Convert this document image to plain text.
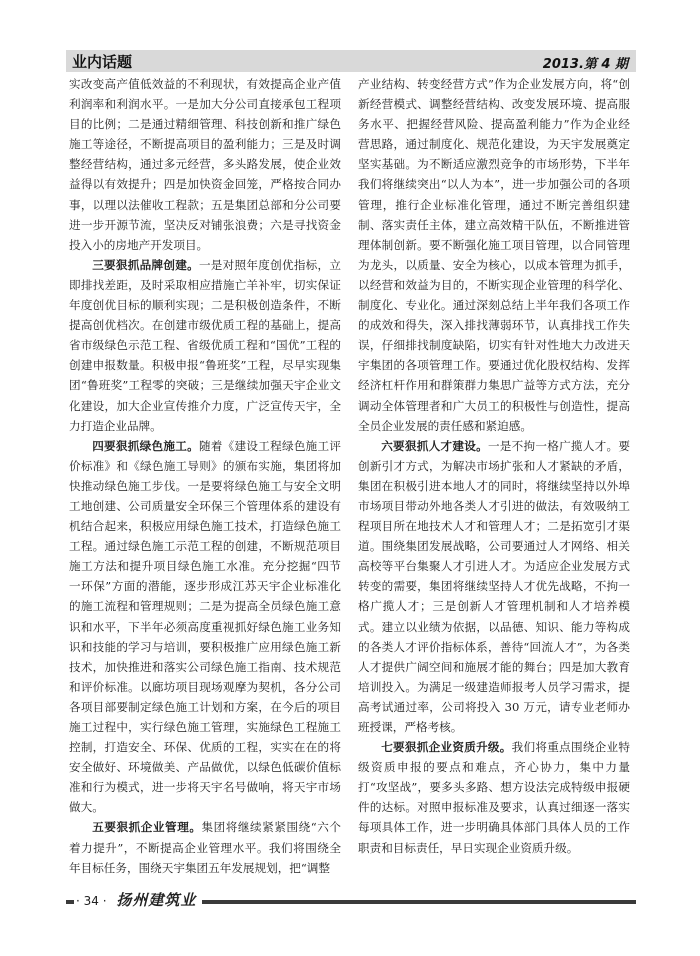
业内话题	2013.第 4 期

实改变高产值低效益的不利现状，有效提高企业产值利润率和利润水平。一是加大分公司直接承包工程项目的比例；二是通过精细管理、科技创新和推广绿色施工等途径，不断提高项目的盈利能力；三是及时调整经营结构，通过多元经营，多头路发展，使企业效益得以有效提升；四是加快资金回笼，严格按合同办事，以理以法催收工程款；五是集团总部和分公司要进一步开源节流，坚决反对铺张浪费；六是寻找资金投入小的房地产开发项目。

三要狠抓品牌创建。一是对照年度创优指标，立即排找差距，及时采取相应措施亡羊补牢，切实保证年度创优目标的顺利实现；二是积极创造条件，不断提高创优档次。在创建市级优质工程的基础上，提高省市级绿色示范工程、省级优质工程和“国优”工程的创建申报数量。积极申报“鲁班奖”工程，尽早实现集团“鲁班奖”工程零的突破；三是继续加强天宇企业文化建设，加大企业宣传推介力度，广泛宣传天宇，全力打造企业品牌。

四要狠抓绿色施工。随着《建设工程绿色施工评价标准》和《绿色施工导则》的颁布实施，集团将加快推动绿色施工步伐。一是要将绿色施工与安全文明工地创建、公司质量安全环保三个管理体系的建设有机结合起来，积极应用绿色施工技术，打造绿色施工工程。通过绿色施工示范工程的创建，不断规范项目施工方法和提升项目绿色施工水准。充分挖掘“四节一环保”方面的潜能，逐步形成江苏天宇企业标准化的施工流程和管理规则；二是为提高全员绿色施工意识和水平，下半年必须高度重视抓好绿色施工业务知识和技能的学习与培训，要积极推广应用绿色施工新技术，加快推进和落实公司绿色施工指南、技术规范和评价标准。以廊坊项目现场观摩为契机，各分公司各项目部要制定绿色施工计划和方案，在今后的项目施工过程中，实行绿色施工管理，实施绿色工程施工控制，打造安全、环保、优质的工程，实实在在的将安全做好、环境做美、产品做优，以绿色低碳价值标准和行为模式，进一步将天宇名号做响，将天宇市场做大。

五要狠抓企业管理。集团将继续紧紧围绕“六个着力提升”，不断提高企业管理水平。我们将围绕全年目标任务，围绕天宇集团五年发展规划，把“调整

产业结构、转变经营方式”作为企业发展方向，将“创新经营模式、调整经营结构、改变发展环境、提高服务水平、把握经营风险、提高盈利能力”作为企业经营思路，通过制度化、规范化建设，为天宇发展奠定坚实基础。为不断适应激烈竞争的市场形势，下半年我们将继续突出“以人为本”，进一步加强公司的各项管理，推行企业标准化管理，通过不断完善组织建制、落实责任主体，建立高效精干队伍，不断推进管理体制创新。要不断强化施工项目管理，以合同管理为龙头，以质量、安全为核心，以成本管理为抓手，以经营和效益为目的，不断实现企业管理的科学化、制度化、专业化。通过深刻总结上半年我们各项工作的成效和得失，深入排找薄弱环节，认真排找工作失误，仔细排找制度缺陷，切实有针对性地大力改进天宇集团的各项管理工作。要通过优化股权结构、发挥经济杠杆作用和群策群力集思广益等方式方法，充分调动全体管理者和广大员工的积极性与创造性，提高全员企业发展的责任感和紧迫感。

六要狠抓人才建设。一是不拘一格广揽人才。要创新引才方式，为解决市场扩张和人才紧缺的矛盾，集团在积极引进本地人才的同时，将继续坚持以外埠市场项目带动外地各类人才引进的做法，有效吸纳工程项目所在地技术人才和管理人才；二是拓宽引才渠道。围绕集团发展战略，公司要通过人才网络、相关高校等平台集聚人才引进人才。为适应企业发展方式转变的需要，集团将继续坚持人才优先战略，不拘一格广揽人才；三是创新人才管理机制和人才培养模式。建立以业绩为依据，以品德、知识、能力等构成的各类人才评价指标体系，善待“回流人才”，为各类人才提供广阔空间和施展才能的舞台；四是加大教育培训投入。为满足一级建造师报考人员学习需求，提高考试通过率，公司将投入 30 万元，请专业老师办班授课，严格考核。

七要狠抓企业资质升级。我们将重点围绕企业特级资质申报的要点和难点，齐心协力，集中力量打“攻坚战”，要多头多路、想方设法完成特级申报硬件的达标。对照申报标准及要求，认真过细逐一落实每项具体工作，进一步明确具体部门具体人员的工作职责和目标责任，早日实现企业资质升级。

· 34 · 扬州建筑业
